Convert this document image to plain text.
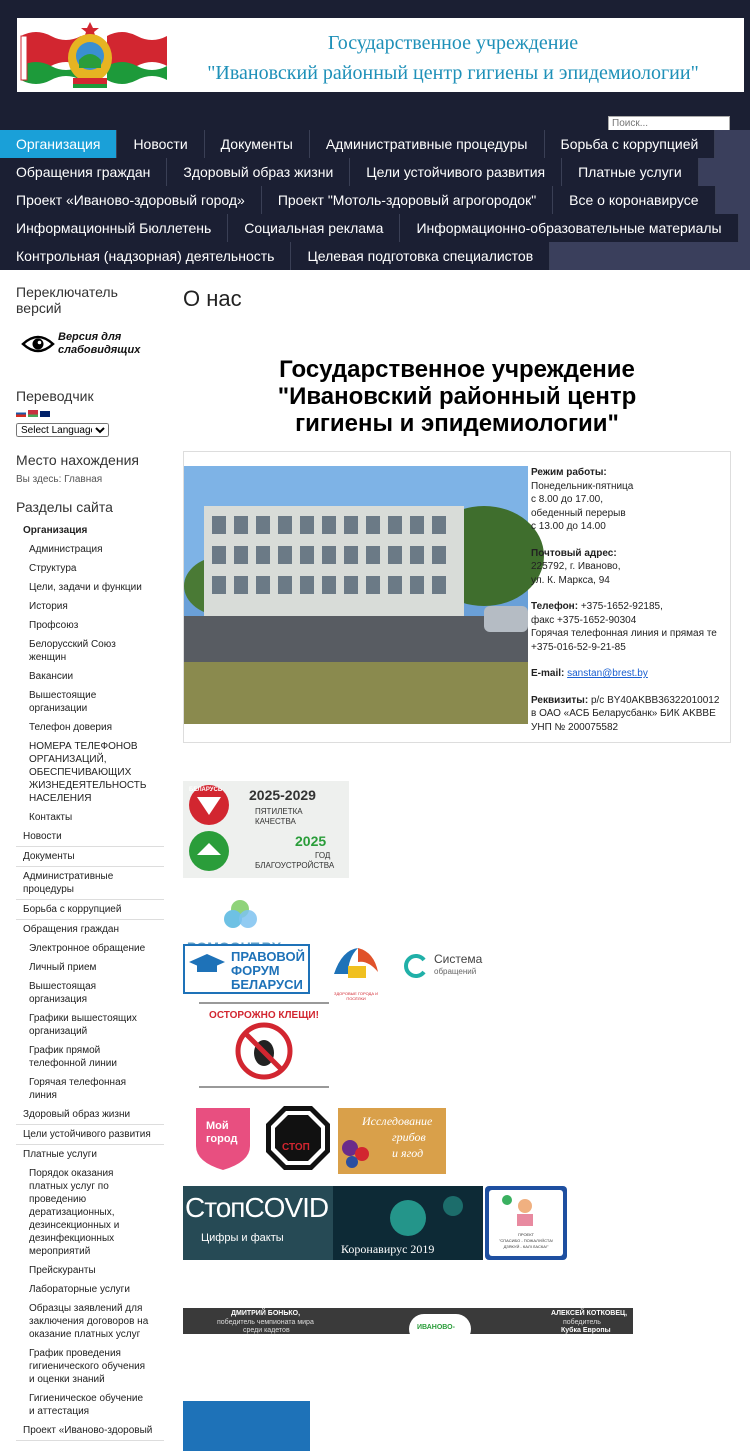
Государственное учреждение
"Ивановский районный центр гигиены и эпидемиологии"
Поиск...
Организация	Новости	Документы	Административные процедуры	Борьба с коррупцией
Обращения граждан	Здоровый образ жизни	Цели устойчивого развития	Платные услуги
Проект «Иваново-здоровый город»	Проект "Мотоль-здоровый агрогородок"	Все о коронавирусе
Информационный Бюллетень	Социальная реклама	Информационно-образовательные материалы
Контрольная (надзорная) деятельность	Целевая подготовка специалистов
Переключатель версий
Версия для
слабовидящих
Переводчик
Select Language
Место нахождения
Вы здесь: Главная
Разделы сайта
Организация
Администрация
Структура
Цели, задачи и функции
История
Профсоюз
Белорусский Союз женщин
Вакансии
Вышестоящие организации
Телефон доверия
НОМЕРА ТЕЛЕФОНОВ ОРГАНИЗАЦИЙ, ОБЕСПЕЧИВАЮЩИХ ЖИЗНЕДЕЯТЕЛЬНОСТЬ НАСЕЛЕНИЯ
Контакты
Новости
Документы
Административные процедуры
Борьба с коррупцией
Обращения граждан
Электронное обращение
Личный прием
Вышестоящая организация
Графики вышестоящих организаций
График прямой телефонной линии
Горячая телефонная линия
Здоровый образ жизни
Цели устойчивого развития
Платные услуги
Порядок оказания платных услуг по проведению дератизационных, дезинсекционных и дезинфекционных мероприятий
Прейскуранты
Лабораторные услуги
Образцы заявлений для заключения договоров на оказание платных услуг
График проведения гигиенического обучения и оценки знаний
Гигиеническое обучение и аттестация
Проект «Иваново-здоровый
О нас
Государственное учреждение
"Ивановский районный центр
гигиены и эпидемиологии"
Режим работы:
Понедельник-пятница
с 8.00 до 17.00,
обеденный перерыв
с 13.00 до 14.00
Почтовый адрес:
225792, г. Иваново,
ул. К. Маркса, 94
Телефон: +375-1652-92185,
факс +375-1652-90304
Горячая телефонная линия и прямая те
+375-016-52-9-21-85
E-mail: sanstan@brest.by
Реквизиты: р/с BY40AKBB36322010012
в ОАО «АСБ Беларусбанк» БИК AKBBE
УНП № 200075582
БЕЛАРУСЬ 2025-2029
ПЯТИЛЕТКА
КАЧЕСТВА
2025
ГОД
БЛАГОУСТРОЙСТВА
ПРАВОВОЙ
ФОРУМ
БЕЛАРУСИ
ЗДОРОВЫЕ ГОРОДА И ПОСЁЛКИ
Система
обращений
ОСТОРОЖНО КЛЕЩИ!
Мой
город
СТОП
Исследование
грибов
и ягод
СтопCOVID
Цифры и факты
Коронавирус 2019
ПРОЕКТ
"СПАСИБО - ПОЖАЛУЙСТА!
ДЗЯКУЙ - КАЛІ ЛАСКА!"
ДМИТРИЙ БОНЬКО,
победитель чемпионата мира
среди кадетов	ИВАНОВО-
АЛЕКСЕЙ КОТКОВЕЦ,
победитель
Кубка Европы
